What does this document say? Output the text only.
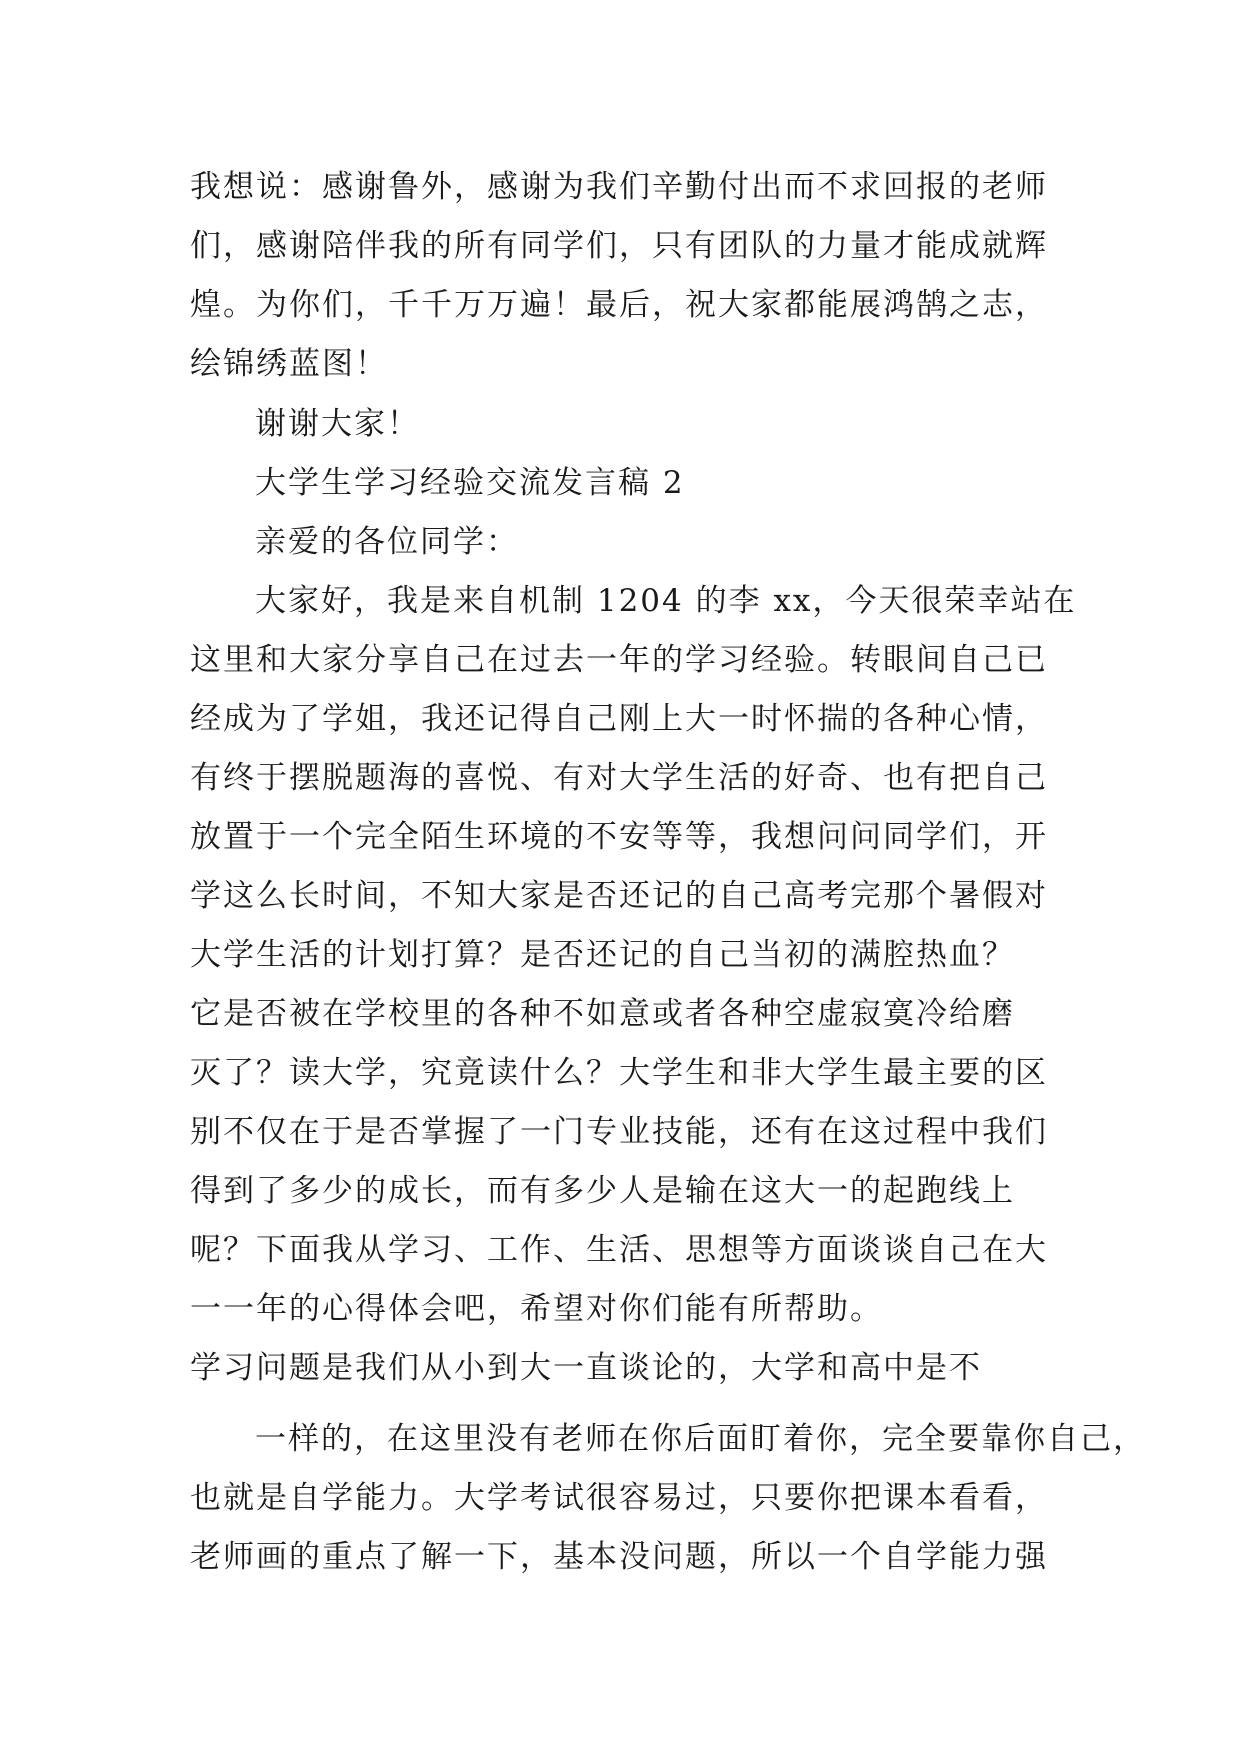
我想说：感谢鲁外，感谢为我们辛勤付出而不求回报的老师
们，感谢陪伴我的所有同学们，只有团队的力量才能成就辉
煌。为你们，千千万万遍！最后，祝大家都能展鸿鹄之志，
绘锦绣蓝图！
谢谢大家！
大学生学习经验交流发言稿 2
亲爱的各位同学：
大家好，我是来自机制 1204 的李 xx，今天很荣幸站在
这里和大家分享自己在过去一年的学习经验。转眼间自己已
经成为了学姐，我还记得自己刚上大一时怀揣的各种心情，
有终于摆脱题海的喜悦、有对大学生活的好奇、也有把自己
放置于一个完全陌生环境的不安等等，我想问问同学们，开
学这么长时间，不知大家是否还记的自己高考完那个暑假对
大学生活的计划打算？是否还记的自己当初的满腔热血？
它是否被在学校里的各种不如意或者各种空虚寂寞冷给磨
灭了？读大学，究竟读什么？大学生和非大学生最主要的区
别不仅在于是否掌握了一门专业技能，还有在这过程中我们
得到了多少的成长，而有多少人是输在这大一的起跑线上
呢？下面我从学习、工作、生活、思想等方面谈谈自己在大
一一年的心得体会吧，希望对你们能有所帮助。
学习问题是我们从小到大一直谈论的，大学和高中是不
一样的，在这里没有老师在你后面盯着你，完全要靠你自己，
也就是自学能力。大学考试很容易过，只要你把课本看看，
老师画的重点了解一下，基本没问题，所以一个自学能力强
